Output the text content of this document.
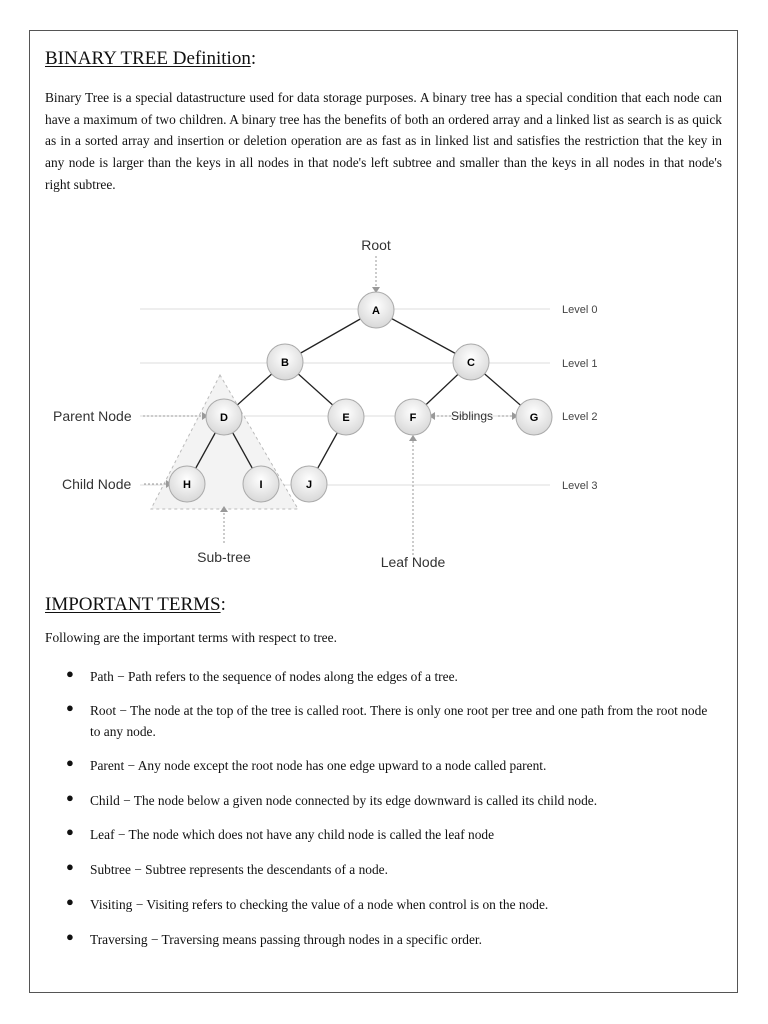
BINARY TREE Definition:

Binary Tree is a special datastructure used for data storage purposes. A binary tree has a special condition that each node can have a maximum of two children. A binary tree has the benefits of both an ordered array and a linked list as search is as quick as in a sorted array and insertion or deletion operation are as fast as in linked list and satisfies the restriction that the key in any node is larger than the keys in all nodes in that node's left subtree and smaller than the keys in all nodes in that node's right subtree.

A
B	C
D	E	F	G
H	I	J
Root
Parent Node
Child Node
Sub-tree	Leaf Node
Siblings
Level 0
Level 1
Level 2
Level 3
IMPORTANT TERMS:

Following are the important terms with respect to tree.

● Path − Path refers to the sequence of nodes along the edges of a tree.
● Root − The node at the top of the tree is called root. There is only one root per tree and one path from the root node to any node.
● Parent − Any node except the root node has one edge upward to a node called parent.
● Child − The node below a given node connected by its edge downward is called its child node.
● Leaf − The node which does not have any child node is called the leaf node
● Subtree − Subtree represents the descendants of a node.
● Visiting − Visiting refers to checking the value of a node when control is on the node.
● Traversing − Traversing means passing through nodes in a specific order.
